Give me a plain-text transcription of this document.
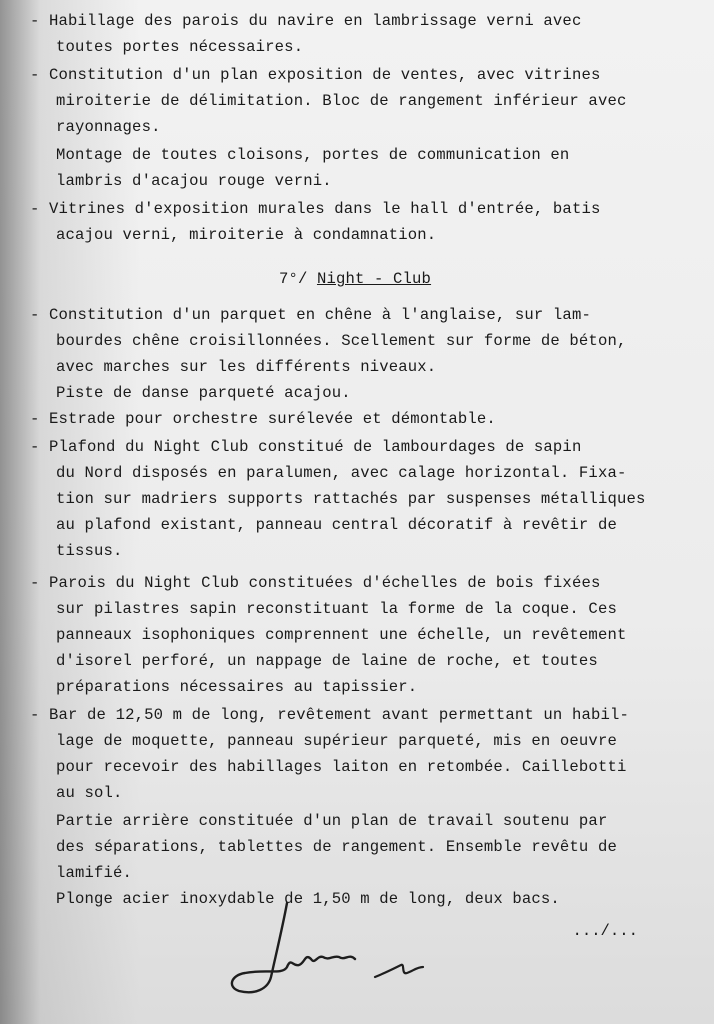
- Habillage des parois du navire en lambrissage verni avec
toutes portes nécessaires.
- Constitution d'un plan exposition de ventes, avec vitrines
miroiterie de délimitation. Bloc de rangement inférieur avec
rayonnages.
Montage de toutes cloisons, portes de communication en
lambris d'acajou rouge verni.
- Vitrines d'exposition murales dans le hall d'entrée, batis
acajou verni, miroiterie à condamnation.
7°/ Night - Club
- Constitution d'un parquet en chêne à l'anglaise, sur lam-
bourdes chêne croisillonnées. Scellement sur forme de béton,
avec marches sur les différents niveaux.
Piste de danse parqueté acajou.
- Estrade pour orchestre surélevée et démontable.
- Plafond du Night Club constitué de lambourdages de sapin
du Nord disposés en paralumen, avec calage horizontal. Fixa-
tion sur madriers supports rattachés par suspenses métalliques
au plafond existant, panneau central décoratif à revêtir de
tissus.
- Parois du Night Club constituées d'échelles de bois fixées
sur pilastres sapin reconstituant la forme de la coque. Ces
panneaux isophoniques comprennent une échelle, un revêtement
d'isorel perforé, un nappage de laine de roche, et toutes
préparations nécessaires au tapissier.
- Bar de 12,50 m de long, revêtement avant permettant un habil-
lage de moquette, panneau supérieur parqueté, mis en oeuvre
pour recevoir des habillages laiton en retombée. Caillebotti
au sol.
Partie arrière constituée d'un plan de travail soutenu par
des séparations, tablettes de rangement. Ensemble revêtu de
lamifié.
Plonge acier inoxydable de 1,50 m de long, deux bacs.
.../...
